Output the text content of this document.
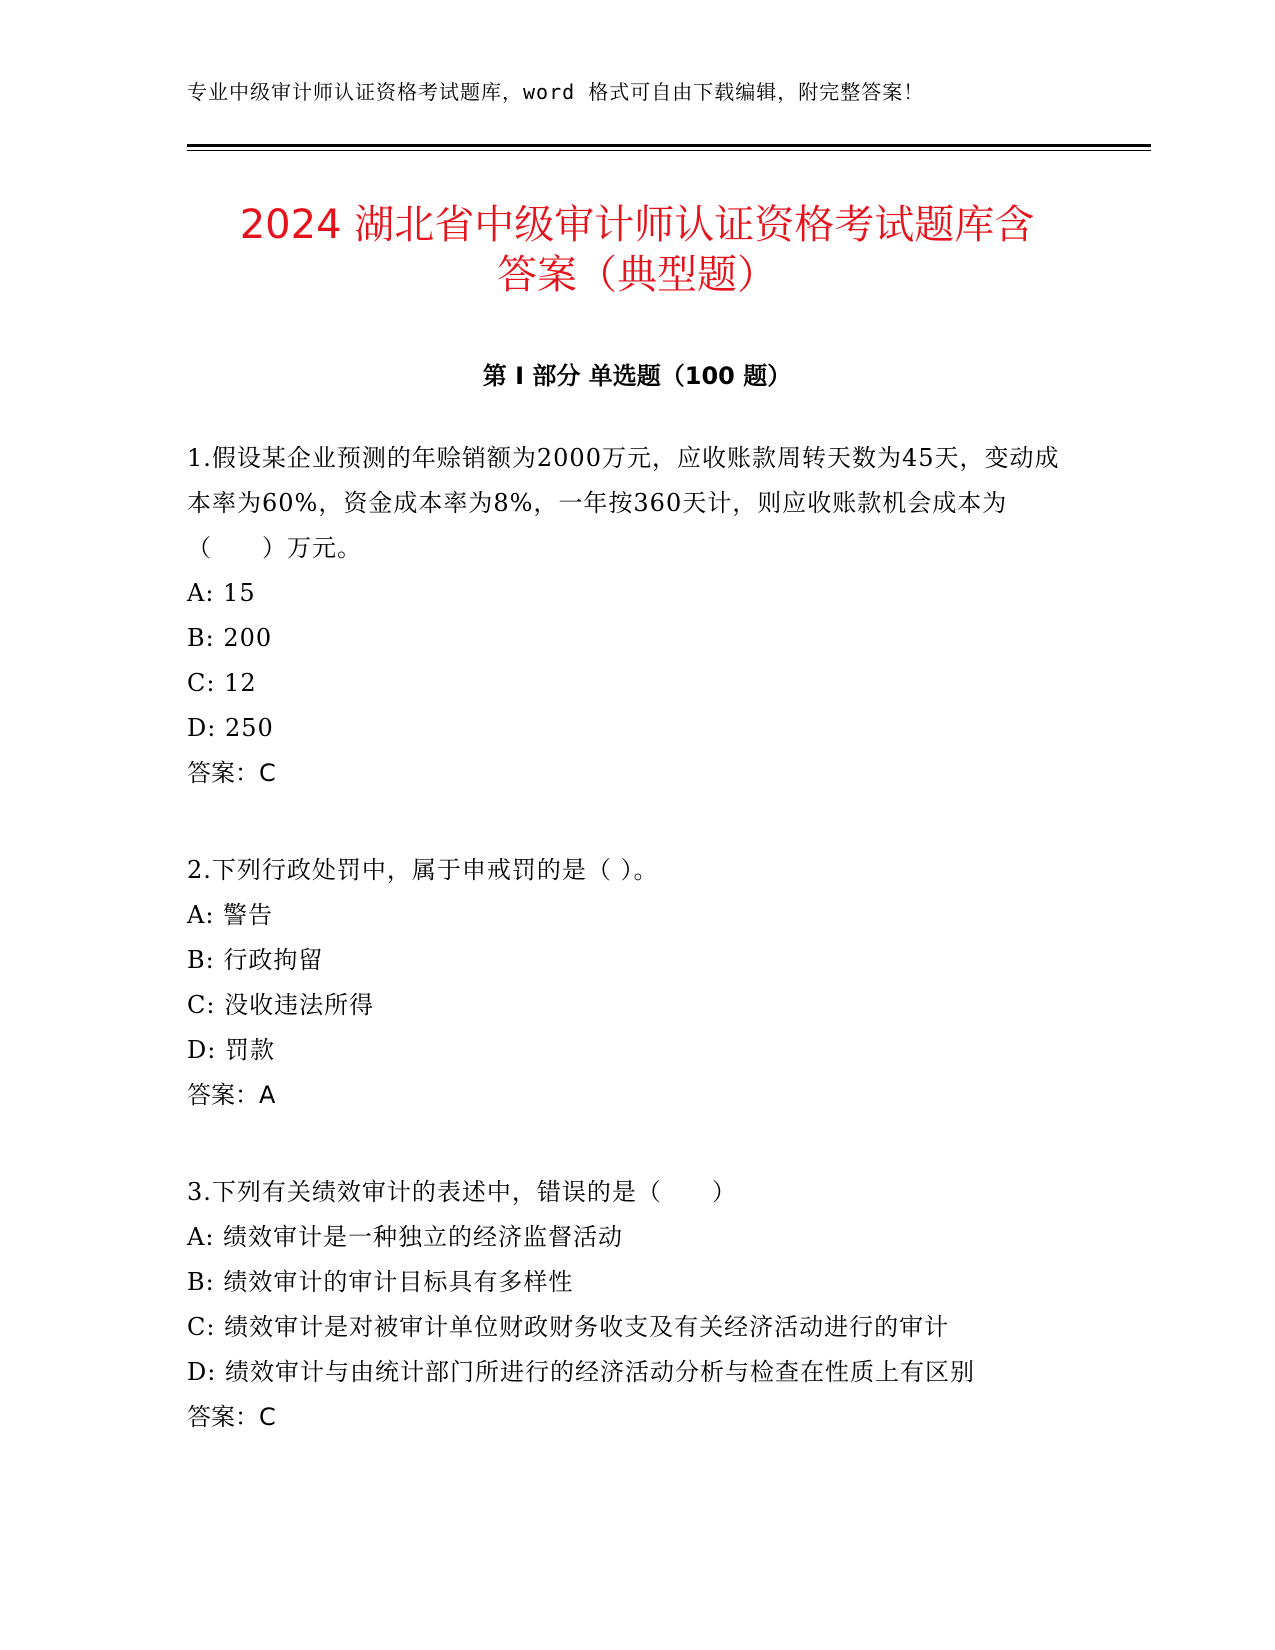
专业中级审计师认证资格考试题库，word 格式可自由下载编辑，附完整答案！
2024 湖北省中级审计师认证资格考试题库含
答案（典型题）
第 I 部分 单选题（100 题）
1.假设某企业预测的年赊销额为2000万元，应收账款周转天数为45天，变动成本率为60%，资金成本率为8%，一年按360天计，则应收账款机会成本为（　　）万元。
A: 15
B: 200
C: 12
D: 250
答案：C
2.下列行政处罚中，属于申戒罚的是（ ）。
A: 警告
B: 行政拘留
C: 没收违法所得
D: 罚款
答案：A
3.下列有关绩效审计的表述中，错误的是（　　）
A: 绩效审计是一种独立的经济监督活动
B: 绩效审计的审计目标具有多样性
C: 绩效审计是对被审计单位财政财务收支及有关经济活动进行的审计
D: 绩效审计与由统计部门所进行的经济活动分析与检查在性质上有区别
答案：C
